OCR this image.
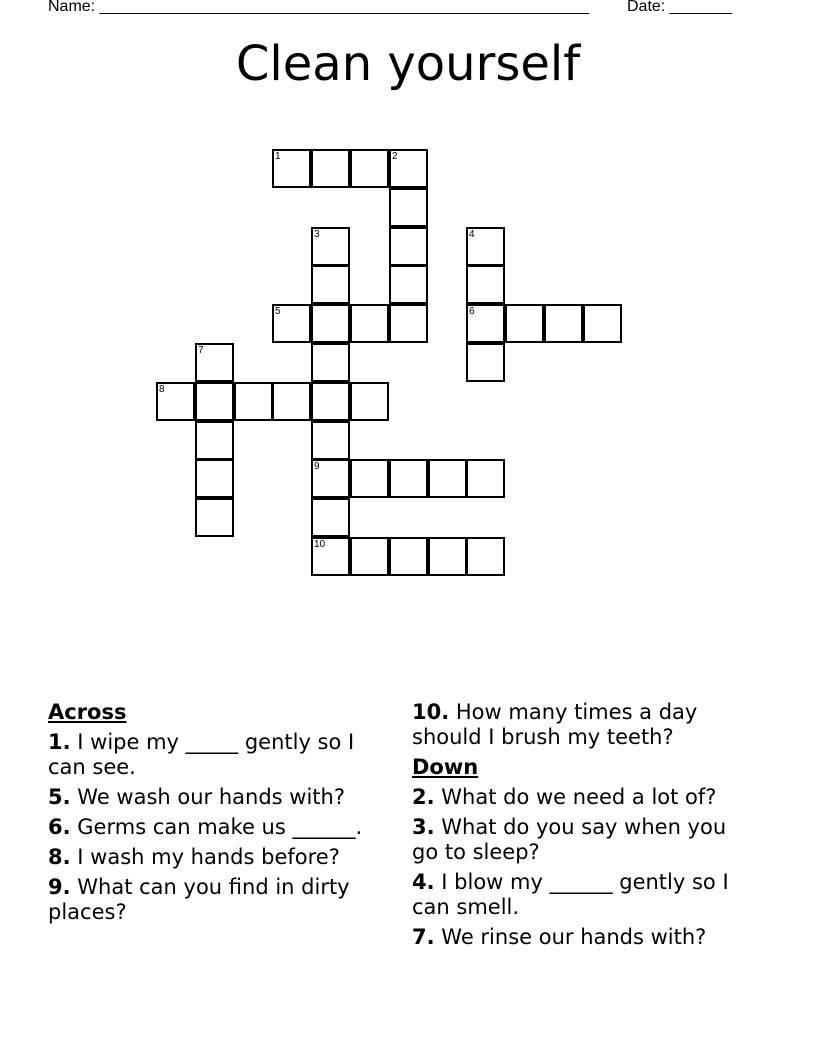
Name: _______________________________________________________ Date: _______
Clean yourself
1	2
3
9
10
4
6
5
7
8
Across
1. I wipe my _____ gently so I can see.
5. We wash our hands with?
6. Germs can make us ______.
8. I wash my hands before?
9. What can you find in dirty places?
10. How many times a day should I brush my teeth?
Down
2. What do we need a lot of?
3. What do you say when you go to sleep?
4. I blow my ______ gently so I can smell.
7. We rinse our hands with?
